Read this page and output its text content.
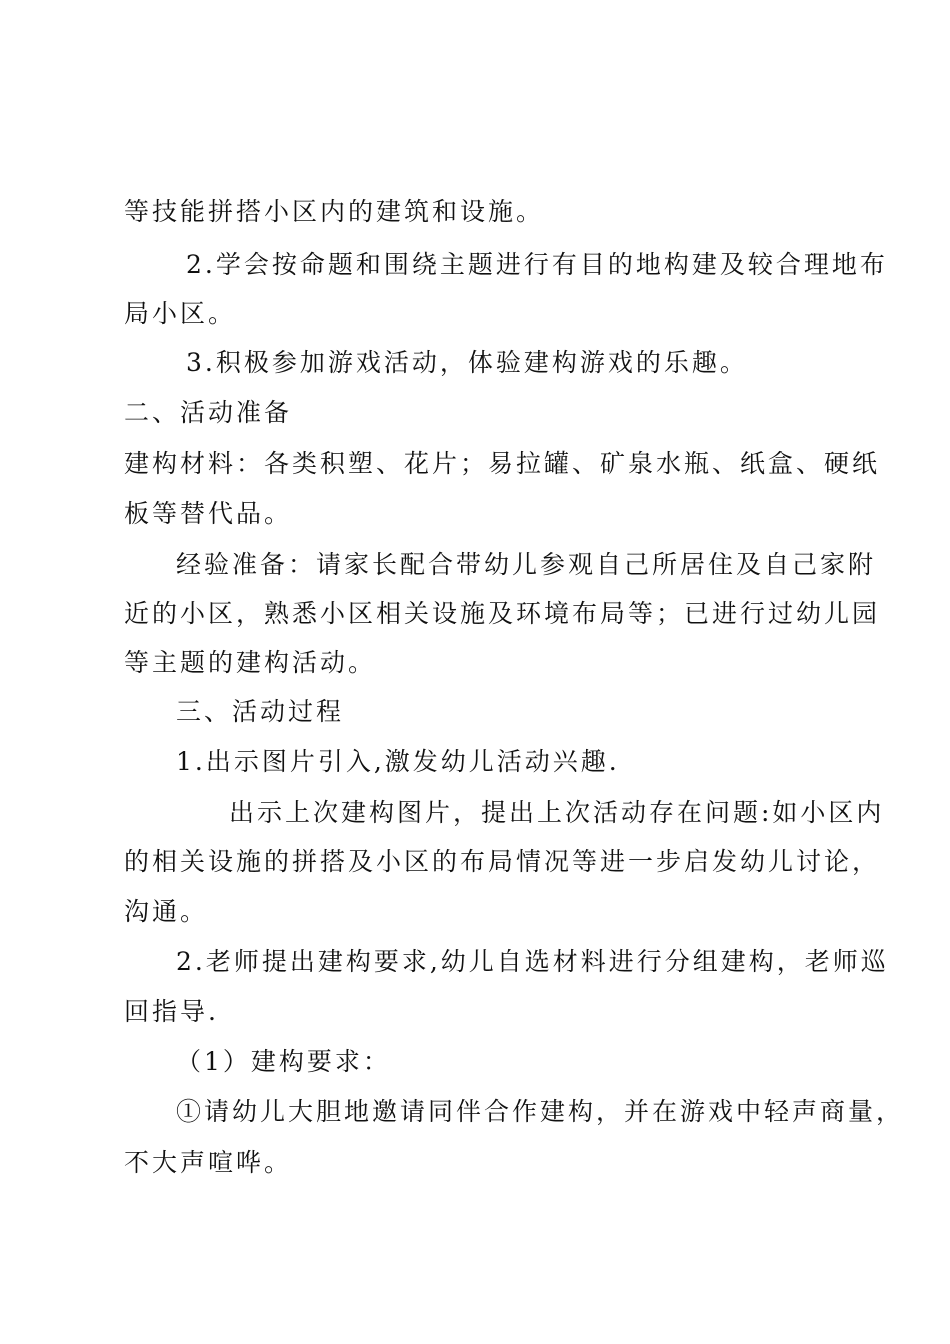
等技能拼搭小区内的建筑和设施。
2.学会按命题和围绕主题进行有目的地构建及较合理地布
局小区。
3.积极参加游戏活动，体验建构游戏的乐趣。
二、活动准备
建构材料：各类积塑、花片；易拉罐、矿泉水瓶、纸盒、硬纸
板等替代品。
经验准备：请家长配合带幼儿参观自己所居住及自己家附
近的小区，熟悉小区相关设施及环境布局等；已进行过幼儿园
等主题的建构活动。
三、活动过程
1.出示图片引入,激发幼儿活动兴趣.
出示上次建构图片，提出上次活动存在问题:如小区内
的相关设施的拼搭及小区的布局情况等进一步启发幼儿讨论，
沟通。
2.老师提出建构要求,幼儿自选材料进行分组建构，老师巡
回指导.
（1）建构要求：
①请幼儿大胆地邀请同伴合作建构，并在游戏中轻声商量，
不大声喧哗。
